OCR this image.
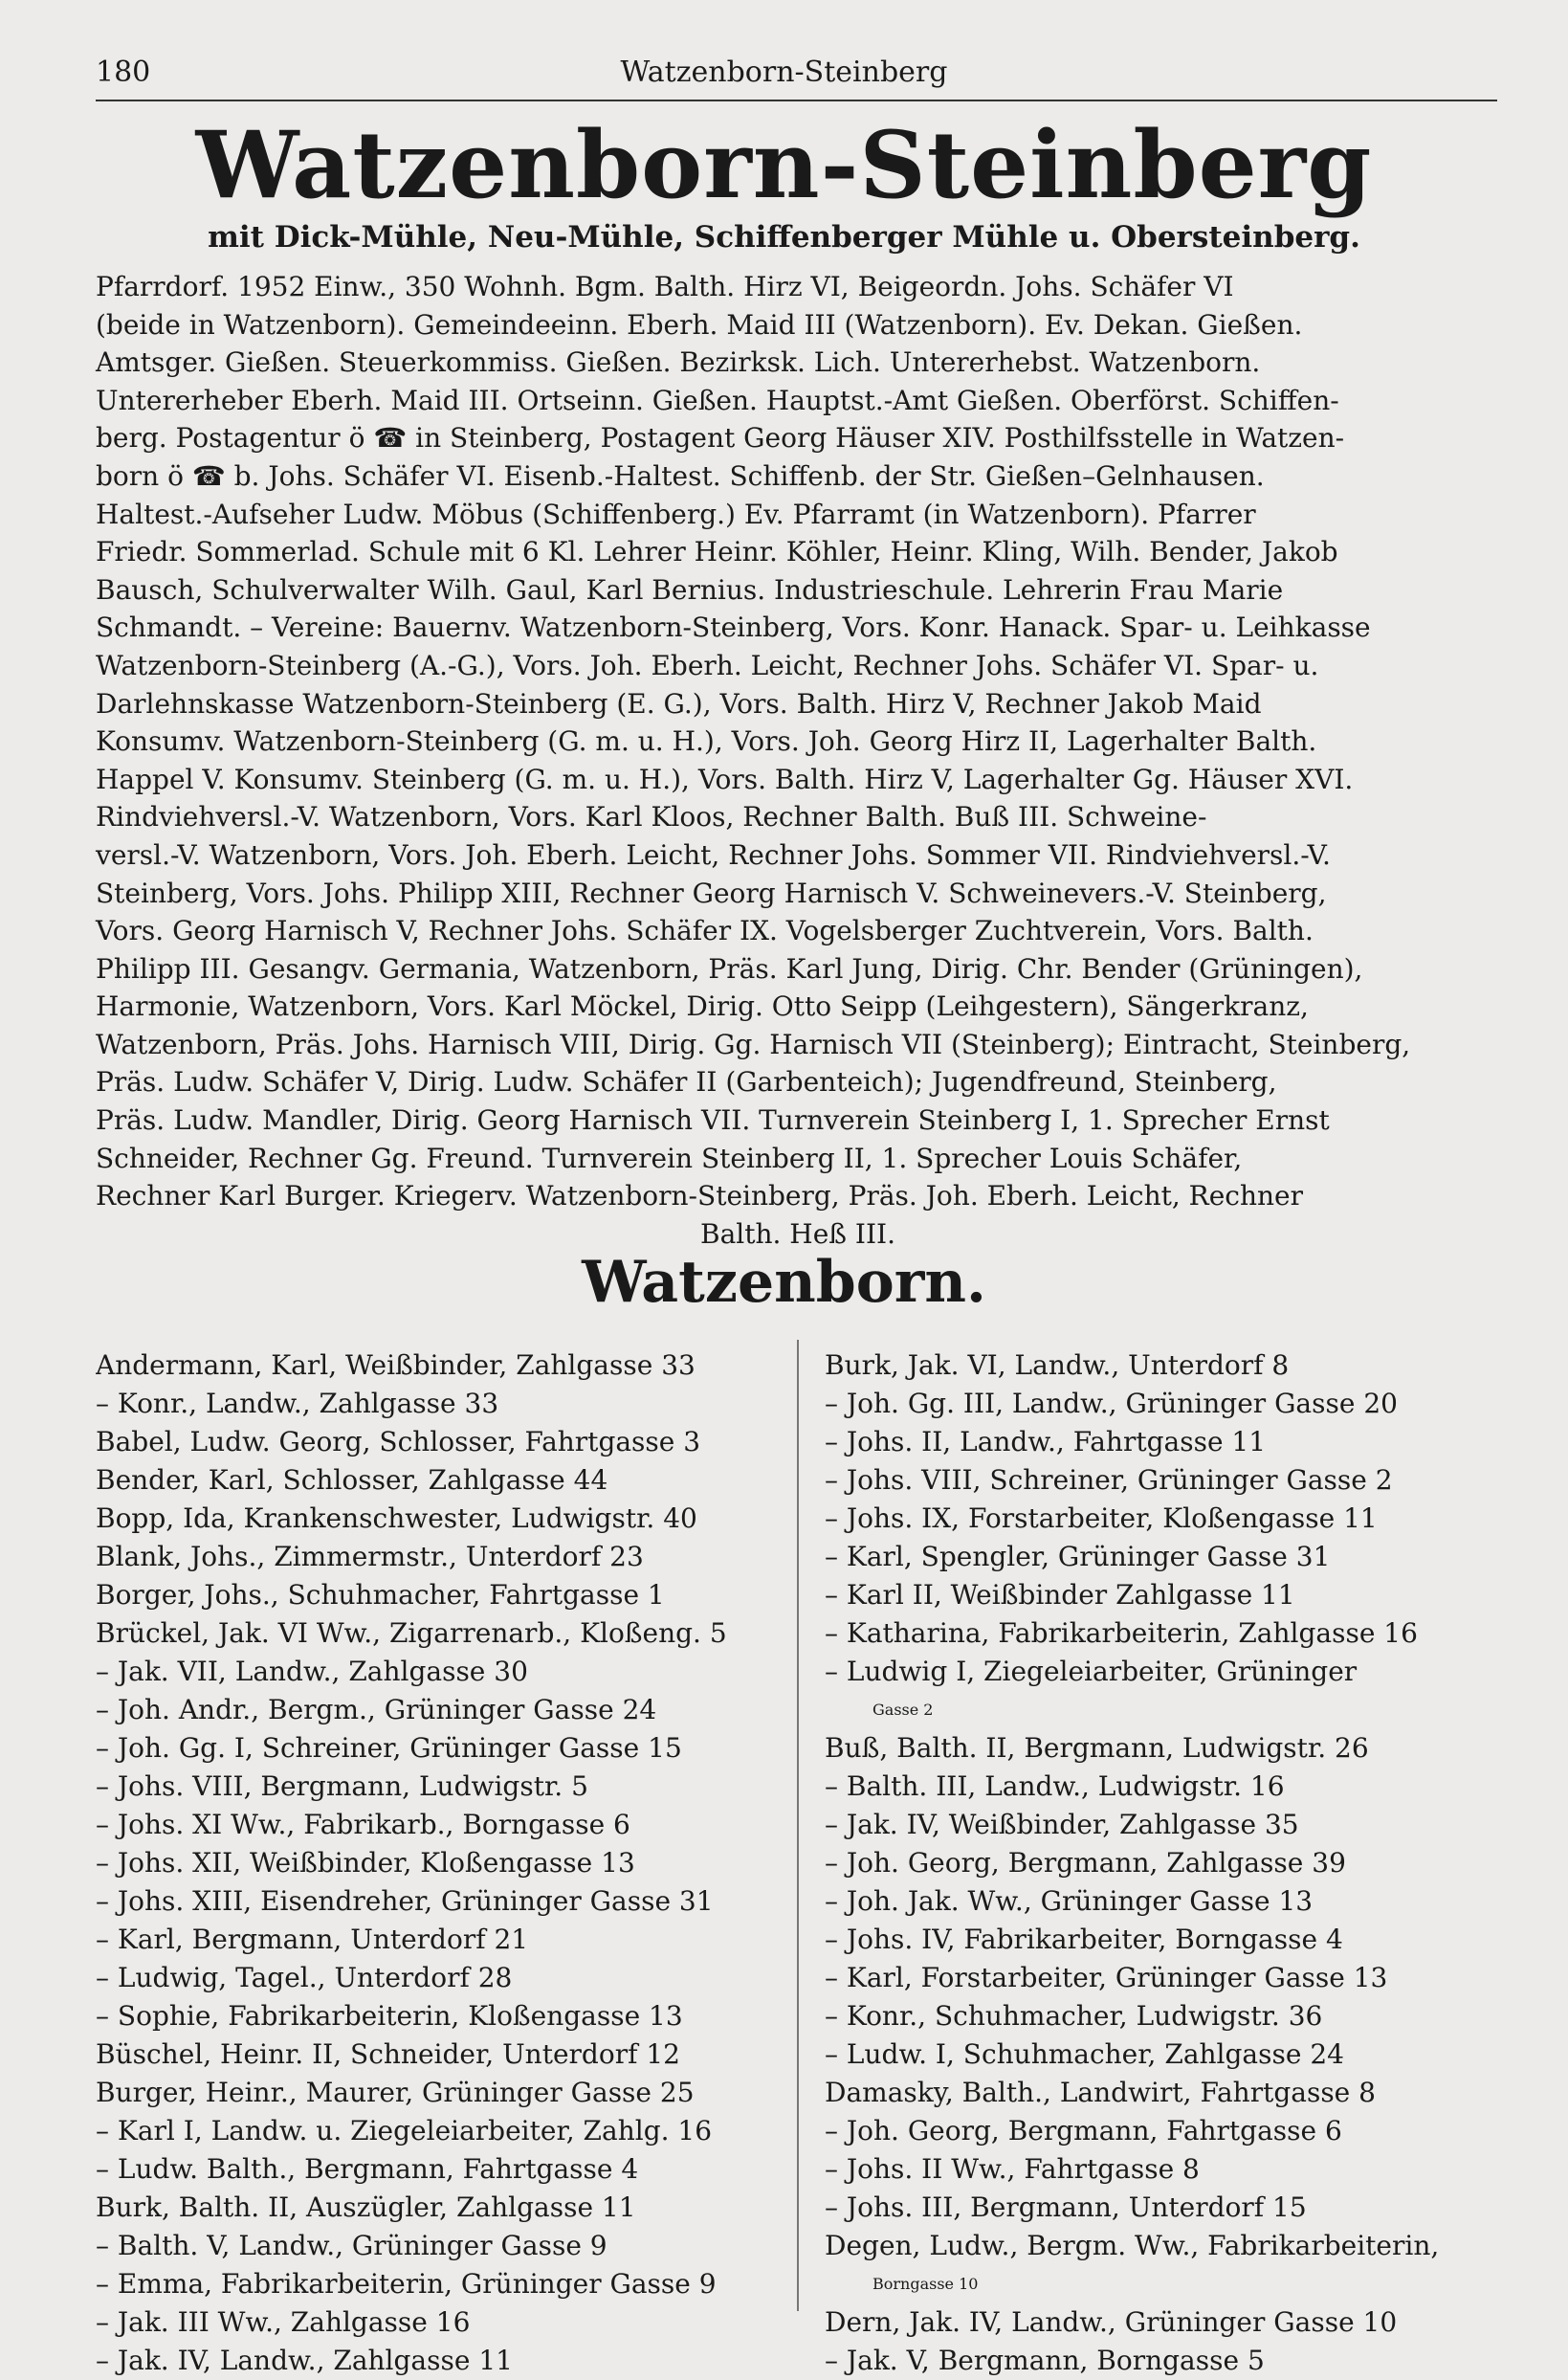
180	Watzenborn-Steinberg
Watzenborn-Steinberg
mit Dick-Mühle, Neu-Mühle, Schiffenberger Mühle u. Obersteinberg.
Pfarrdorf. 1952 Einw., 350 Wohnh. Bgm. Balth. Hirz VI, Beigeordn. Johs. Schäfer VI
(beide in Watzenborn). Gemeindeeinn. Eberh. Maid III (Watzenborn). Ev. Dekan. Gießen.
Amtsger. Gießen. Steuerkommiss. Gießen. Bezirksk. Lich. Untererhebst. Watzenborn.
Untererheber Eberh. Maid III. Ortseinn. Gießen. Hauptst.-Amt Gießen. Oberförst. Schiffen-
berg. Postagentur ö ☎ in Steinberg, Postagent Georg Häuser XIV. Posthilfsstelle in Watzen-
born ö ☎ b. Johs. Schäfer VI. Eisenb.-Haltest. Schiffenb. der Str. Gießen–Gelnhausen.
Haltest.-Aufseher Ludw. Möbus (Schiffenberg.) Ev. Pfarramt (in Watzenborn). Pfarrer
Friedr. Sommerlad. Schule mit 6 Kl. Lehrer Heinr. Köhler, Heinr. Kling, Wilh. Bender, Jakob
Bausch, Schulverwalter Wilh. Gaul, Karl Bernius. Industrieschule. Lehrerin Frau Marie
Schmandt. – Vereine: Bauernv. Watzenborn-Steinberg, Vors. Konr. Hanack. Spar- u. Leihkasse
Watzenborn-Steinberg (A.-G.), Vors. Joh. Eberh. Leicht, Rechner Johs. Schäfer VI. Spar- u.
Darlehnskasse Watzenborn-Steinberg (E. G.), Vors. Balth. Hirz V, Rechner Jakob Maid
Konsumv. Watzenborn-Steinberg (G. m. u. H.), Vors. Joh. Georg Hirz II, Lagerhalter Balth.
Happel V. Konsumv. Steinberg (G. m. u. H.), Vors. Balth. Hirz V, Lagerhalter Gg. Häuser XVI.
Rindviehversl.-V. Watzenborn, Vors. Karl Kloos, Rechner Balth. Buß III. Schweine-
versl.-V. Watzenborn, Vors. Joh. Eberh. Leicht, Rechner Johs. Sommer VII. Rindviehversl.-V.
Steinberg, Vors. Johs. Philipp XIII, Rechner Georg Harnisch V. Schweinevers.-V. Steinberg,
Vors. Georg Harnisch V, Rechner Johs. Schäfer IX. Vogelsberger Zuchtverein, Vors. Balth.
Philipp III. Gesangv. Germania, Watzenborn, Präs. Karl Jung, Dirig. Chr. Bender (Grüningen),
Harmonie, Watzenborn, Vors. Karl Möckel, Dirig. Otto Seipp (Leihgestern), Sängerkranz,
Watzenborn, Präs. Johs. Harnisch VIII, Dirig. Gg. Harnisch VII (Steinberg); Eintracht, Steinberg,
Präs. Ludw. Schäfer V, Dirig. Ludw. Schäfer II (Garbenteich); Jugendfreund, Steinberg,
Präs. Ludw. Mandler, Dirig. Georg Harnisch VII. Turnverein Steinberg I, 1. Sprecher Ernst
Schneider, Rechner Gg. Freund. Turnverein Steinberg II, 1. Sprecher Louis Schäfer,
Rechner Karl Burger. Kriegerv. Watzenborn-Steinberg, Präs. Joh. Eberh. Leicht, Rechner
Balth. Heß III.
Watzenborn.
Andermann, Karl, Weißbinder, Zahlgasse 33
– Konr., Landw., Zahlgasse 33
Babel, Ludw. Georg, Schlosser, Fahrtgasse 3
Bender, Karl, Schlosser, Zahlgasse 44
Bopp, Ida, Krankenschwester, Ludwigstr. 40
Blank, Johs., Zimmermstr., Unterdorf 23
Borger, Johs., Schuhmacher, Fahrtgasse 1
Brückel, Jak. VI Ww., Zigarrenarb., Kloßeng. 5
– Jak. VII, Landw., Zahlgasse 30
– Joh. Andr., Bergm., Grüninger Gasse 24
– Joh. Gg. I, Schreiner, Grüninger Gasse 15
– Johs. VIII, Bergmann, Ludwigstr. 5
– Johs. XI Ww., Fabrikarb., Borngasse 6
– Johs. XII, Weißbinder, Kloßengasse 13
– Johs. XIII, Eisendreher, Grüninger Gasse 31
– Karl, Bergmann, Unterdorf 21
– Ludwig, Tagel., Unterdorf 28
– Sophie, Fabrikarbeiterin, Kloßengasse 13
Büschel, Heinr. II, Schneider, Unterdorf 12
Burger, Heinr., Maurer, Grüninger Gasse 25
– Karl I, Landw. u. Ziegeleiarbeiter, Zahlg. 16
– Ludw. Balth., Bergmann, Fahrtgasse 4
Burk, Balth. II, Auszügler, Zahlgasse 11
– Balth. V, Landw., Grüninger Gasse 9
– Emma, Fabrikarbeiterin, Grüninger Gasse 9
– Jak. III Ww., Zahlgasse 16
– Jak. IV, Landw., Zahlgasse 11
Burk, Jak. VI, Landw., Unterdorf 8
– Joh. Gg. III, Landw., Grüninger Gasse 20
– Johs. II, Landw., Fahrtgasse 11
– Johs. VIII, Schreiner, Grüninger Gasse 2
– Johs. IX, Forstarbeiter, Kloßengasse 11
– Karl, Spengler, Grüninger Gasse 31
– Karl II, Weißbinder Zahlgasse 11
– Katharina, Fabrikarbeiterin, Zahlgasse 16
– Ludwig I, Ziegeleiarbeiter, Grüninger
Gasse 2
Buß, Balth. II, Bergmann, Ludwigstr. 26
– Balth. III, Landw., Ludwigstr. 16
– Jak. IV, Weißbinder, Zahlgasse 35
– Joh. Georg, Bergmann, Zahlgasse 39
– Joh. Jak. Ww., Grüninger Gasse 13
– Johs. IV, Fabrikarbeiter, Borngasse 4
– Karl, Forstarbeiter, Grüninger Gasse 13
– Konr., Schuhmacher, Ludwigstr. 36
– Ludw. I, Schuhmacher, Zahlgasse 24
Damasky, Balth., Landwirt, Fahrtgasse 8
– Joh. Georg, Bergmann, Fahrtgasse 6
– Johs. II Ww., Fahrtgasse 8
– Johs. III, Bergmann, Unterdorf 15
Degen, Ludw., Bergm. Ww., Fabrikarbeiterin,
Borngasse 10
Dern, Jak. IV, Landw., Grüninger Gasse 10
– Jak. V, Bergmann, Borngasse 5
